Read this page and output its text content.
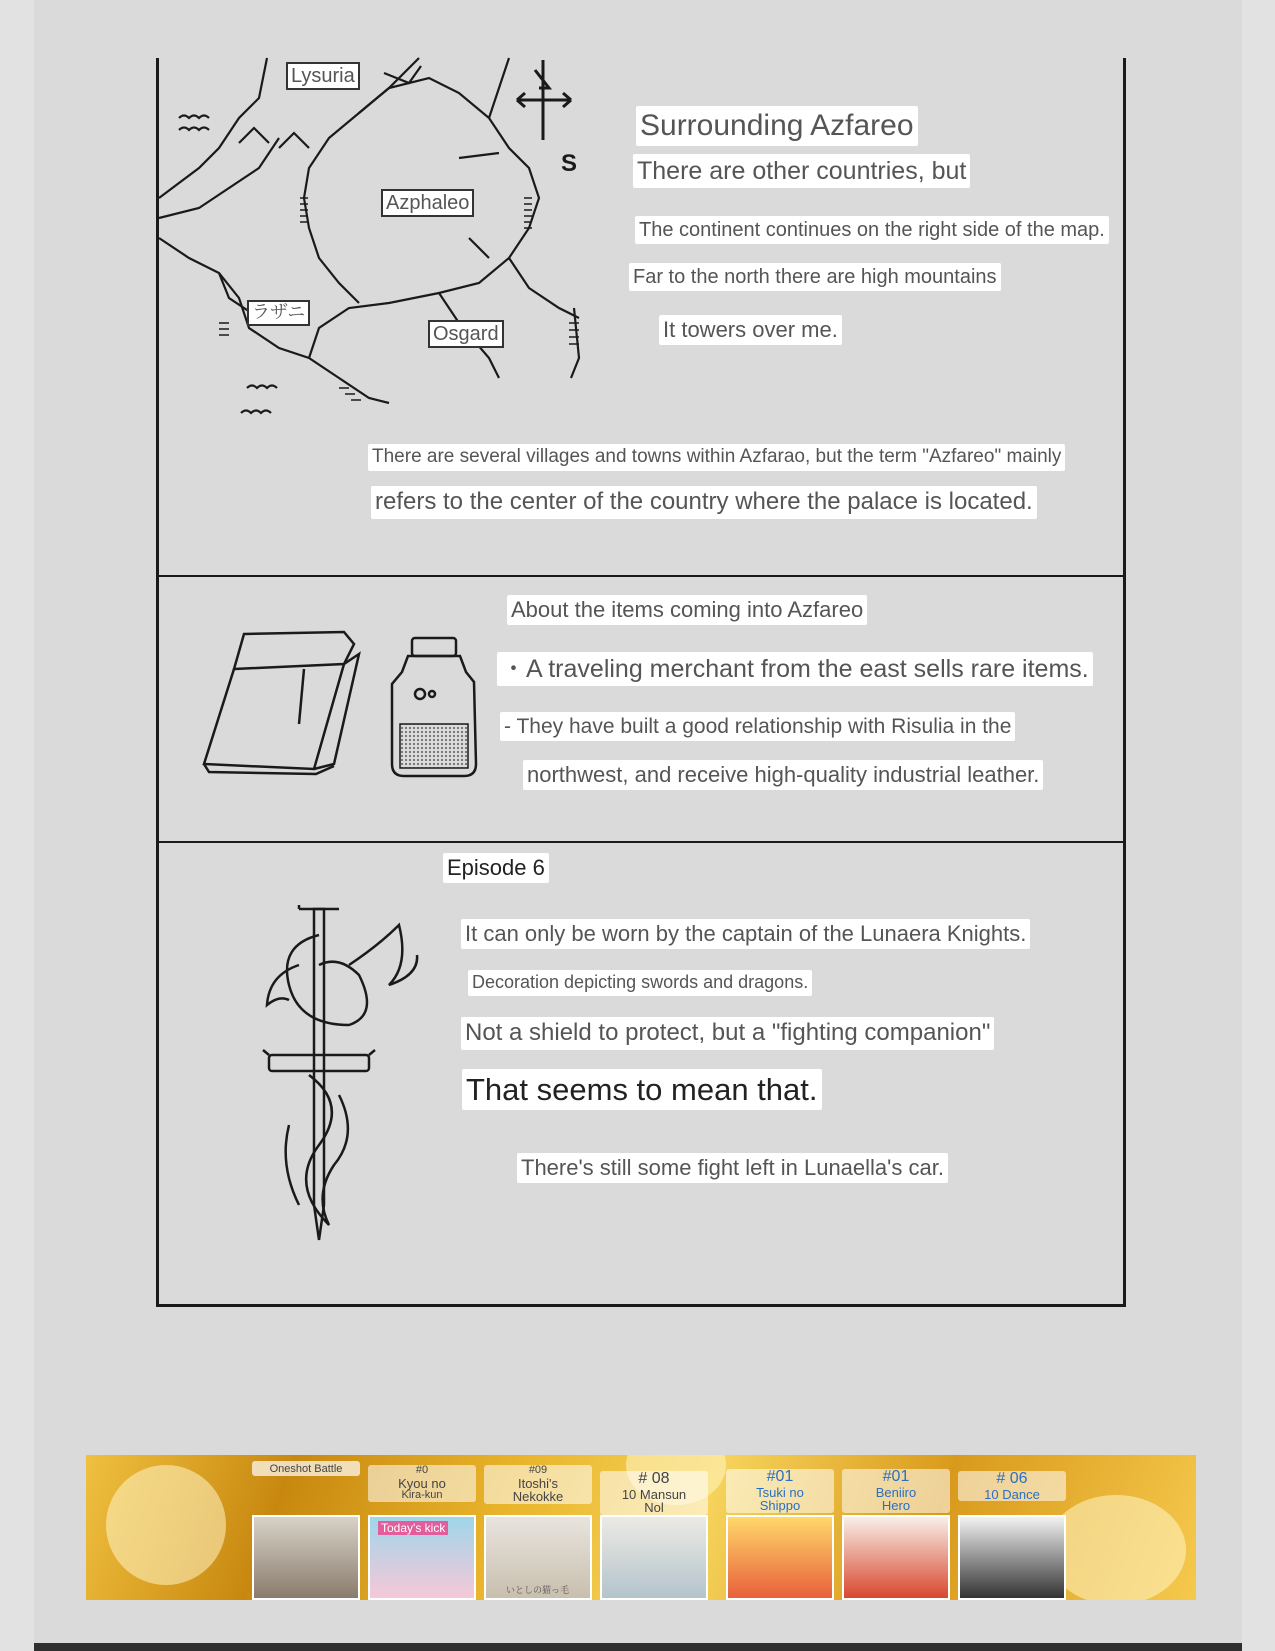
S
Lysuria
Azphaleo
Osgard
ラザニ
Surrounding Azfareo
There are other countries, but
The continent continues on the right side of the map.
Far to the north there are high mountains
It towers over me.
There are several villages and towns within Azfarao, but the term "Azfareo" mainly
refers to the center of the country where the palace is located.
About the items coming into Azfareo
・A traveling merchant from the east sells rare items.
- They have built a good relationship with Risulia in the
northwest, and receive high-quality industrial leather.
Episode 6
It can only be worn by the captain of the Lunaera Knights.
Decoration depicting swords and dragons.
Not a shield to protect, but a "fighting companion"
That seems to mean that.
There's still some fight left in Lunaella's car.
Oneshot Battle	#0
Kyou no
Kira-kun
Today's kick
#09
Itoshi's
Nekokke
いとしの猫っ毛
# 08
10 Mansun
Nol
#01
Tsuki no
Shippo
#01
Beniiro
Hero
# 06
10 Dance
